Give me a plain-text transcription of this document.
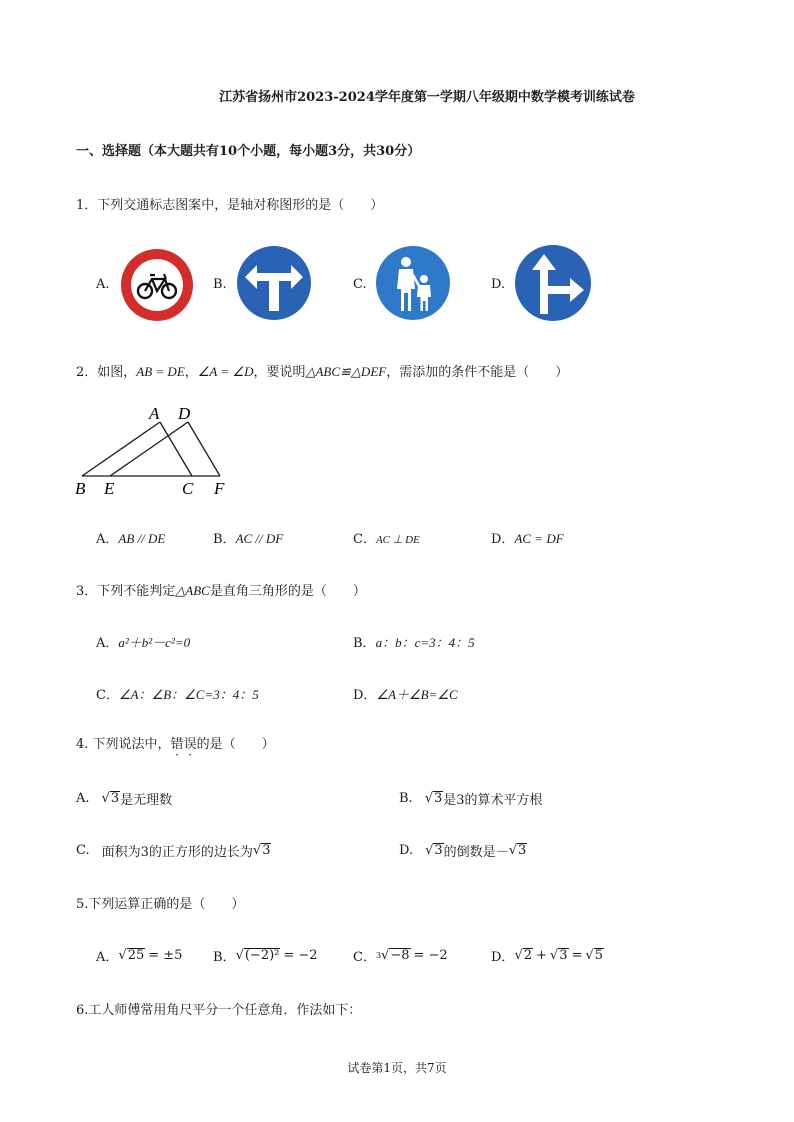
江苏省扬州市2023-2024学年度第一学期八年级期中数学模考训练试卷
一、选择题（本大题共有10个小题，每小题3分，共30分）
1．下列交通标志图案中，是轴对称图形的是（　　）
A.	B.	C.	D.
2．如图，AB = DE，∠A = ∠D，要说明△ABC≌△DEF，需添加的条件不能是（　　）
A D
B E	C F
A．AB // DE	B．AC // DF	C．AC ⊥ DE	D．AC = DF
3．下列不能判定△ABC是直角三角形的是（　　）
A．a²＋b²－c²=0	B．a：b：c=3：4：5
C．∠A：∠B：∠C=3：4：5	D．∠A＋∠B=∠C
4. 下列说法中，错误的是（　　）
A. √ 3 是无理数	B. √ 3 是3的算术平方根
C. 面积为3的正方形的边长为 √ 3	D. √ 3 的倒数是－ √ 3
5.下列运算正确的是（　　）
A． √ 25 = ±5 B． √ (−2)² = −2	C． 3 √ −8 = −2	D． √ 2 + √ 3 = √ 5
6.工人师傅常用角尺平分一个任意角．作法如下：
试卷第1页，共7页
